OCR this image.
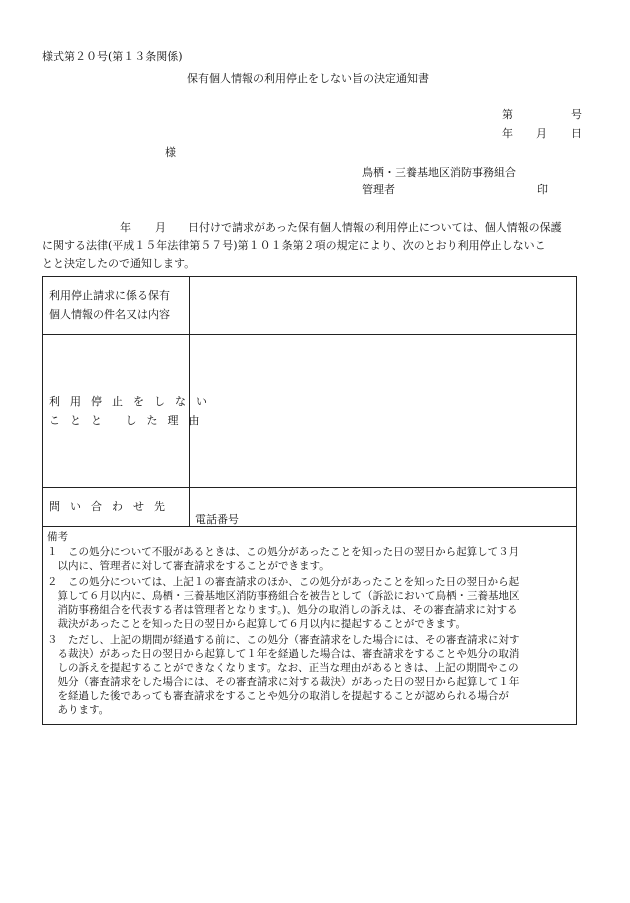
様式第２０号(第１３条関係)
保有個人情報の利用停止をしない旨の決定通知書
第	号
年 月 日
様
鳥栖・三養基地区消防事務組合
管理者	印
年 月 日付けで請求があった保有個人情報の利用停止については、個人情報の保護
に関する法律(平成１５年法律第５７号)第１０１条第２項の規定により、次のとおり利用停止しないこ
とと決定したので通知します。
利用停止請求に係る保有
個人情報の件名又は内容
利用停止をしない
ことと した理由
問い合わせ先
電話番号
備考
１　この処分について不服があるときは、この処分があったことを知った日の翌日から起算して３月
　以内に、管理者に対して審査請求をすることができます。
２　この処分については、上記１の審査請求のほか、この処分があったことを知った日の翌日から起
　算して６月以内に、鳥栖・三養基地区消防事務組合を被告として（訴訟において鳥栖・三養基地区
　消防事務組合を代表する者は管理者となります。)、処分の取消しの訴えは、その審査請求に対する
　裁決があったことを知った日の翌日から起算して６月以内に提起することができます。
３　ただし、上記の期間が経過する前に、この処分（審査請求をした場合には、その審査請求に対す
　る裁決）があった日の翌日から起算して１年を経過した場合は、審査請求をすることや処分の取消
　しの訴えを提起することができなくなります。なお、正当な理由があるときは、上記の期間やこの
　処分（審査請求をした場合には、その審査請求に対する裁決）があった日の翌日から起算して１年
　を経過した後であっても審査請求をすることや処分の取消しを提起することが認められる場合が
　あります。
